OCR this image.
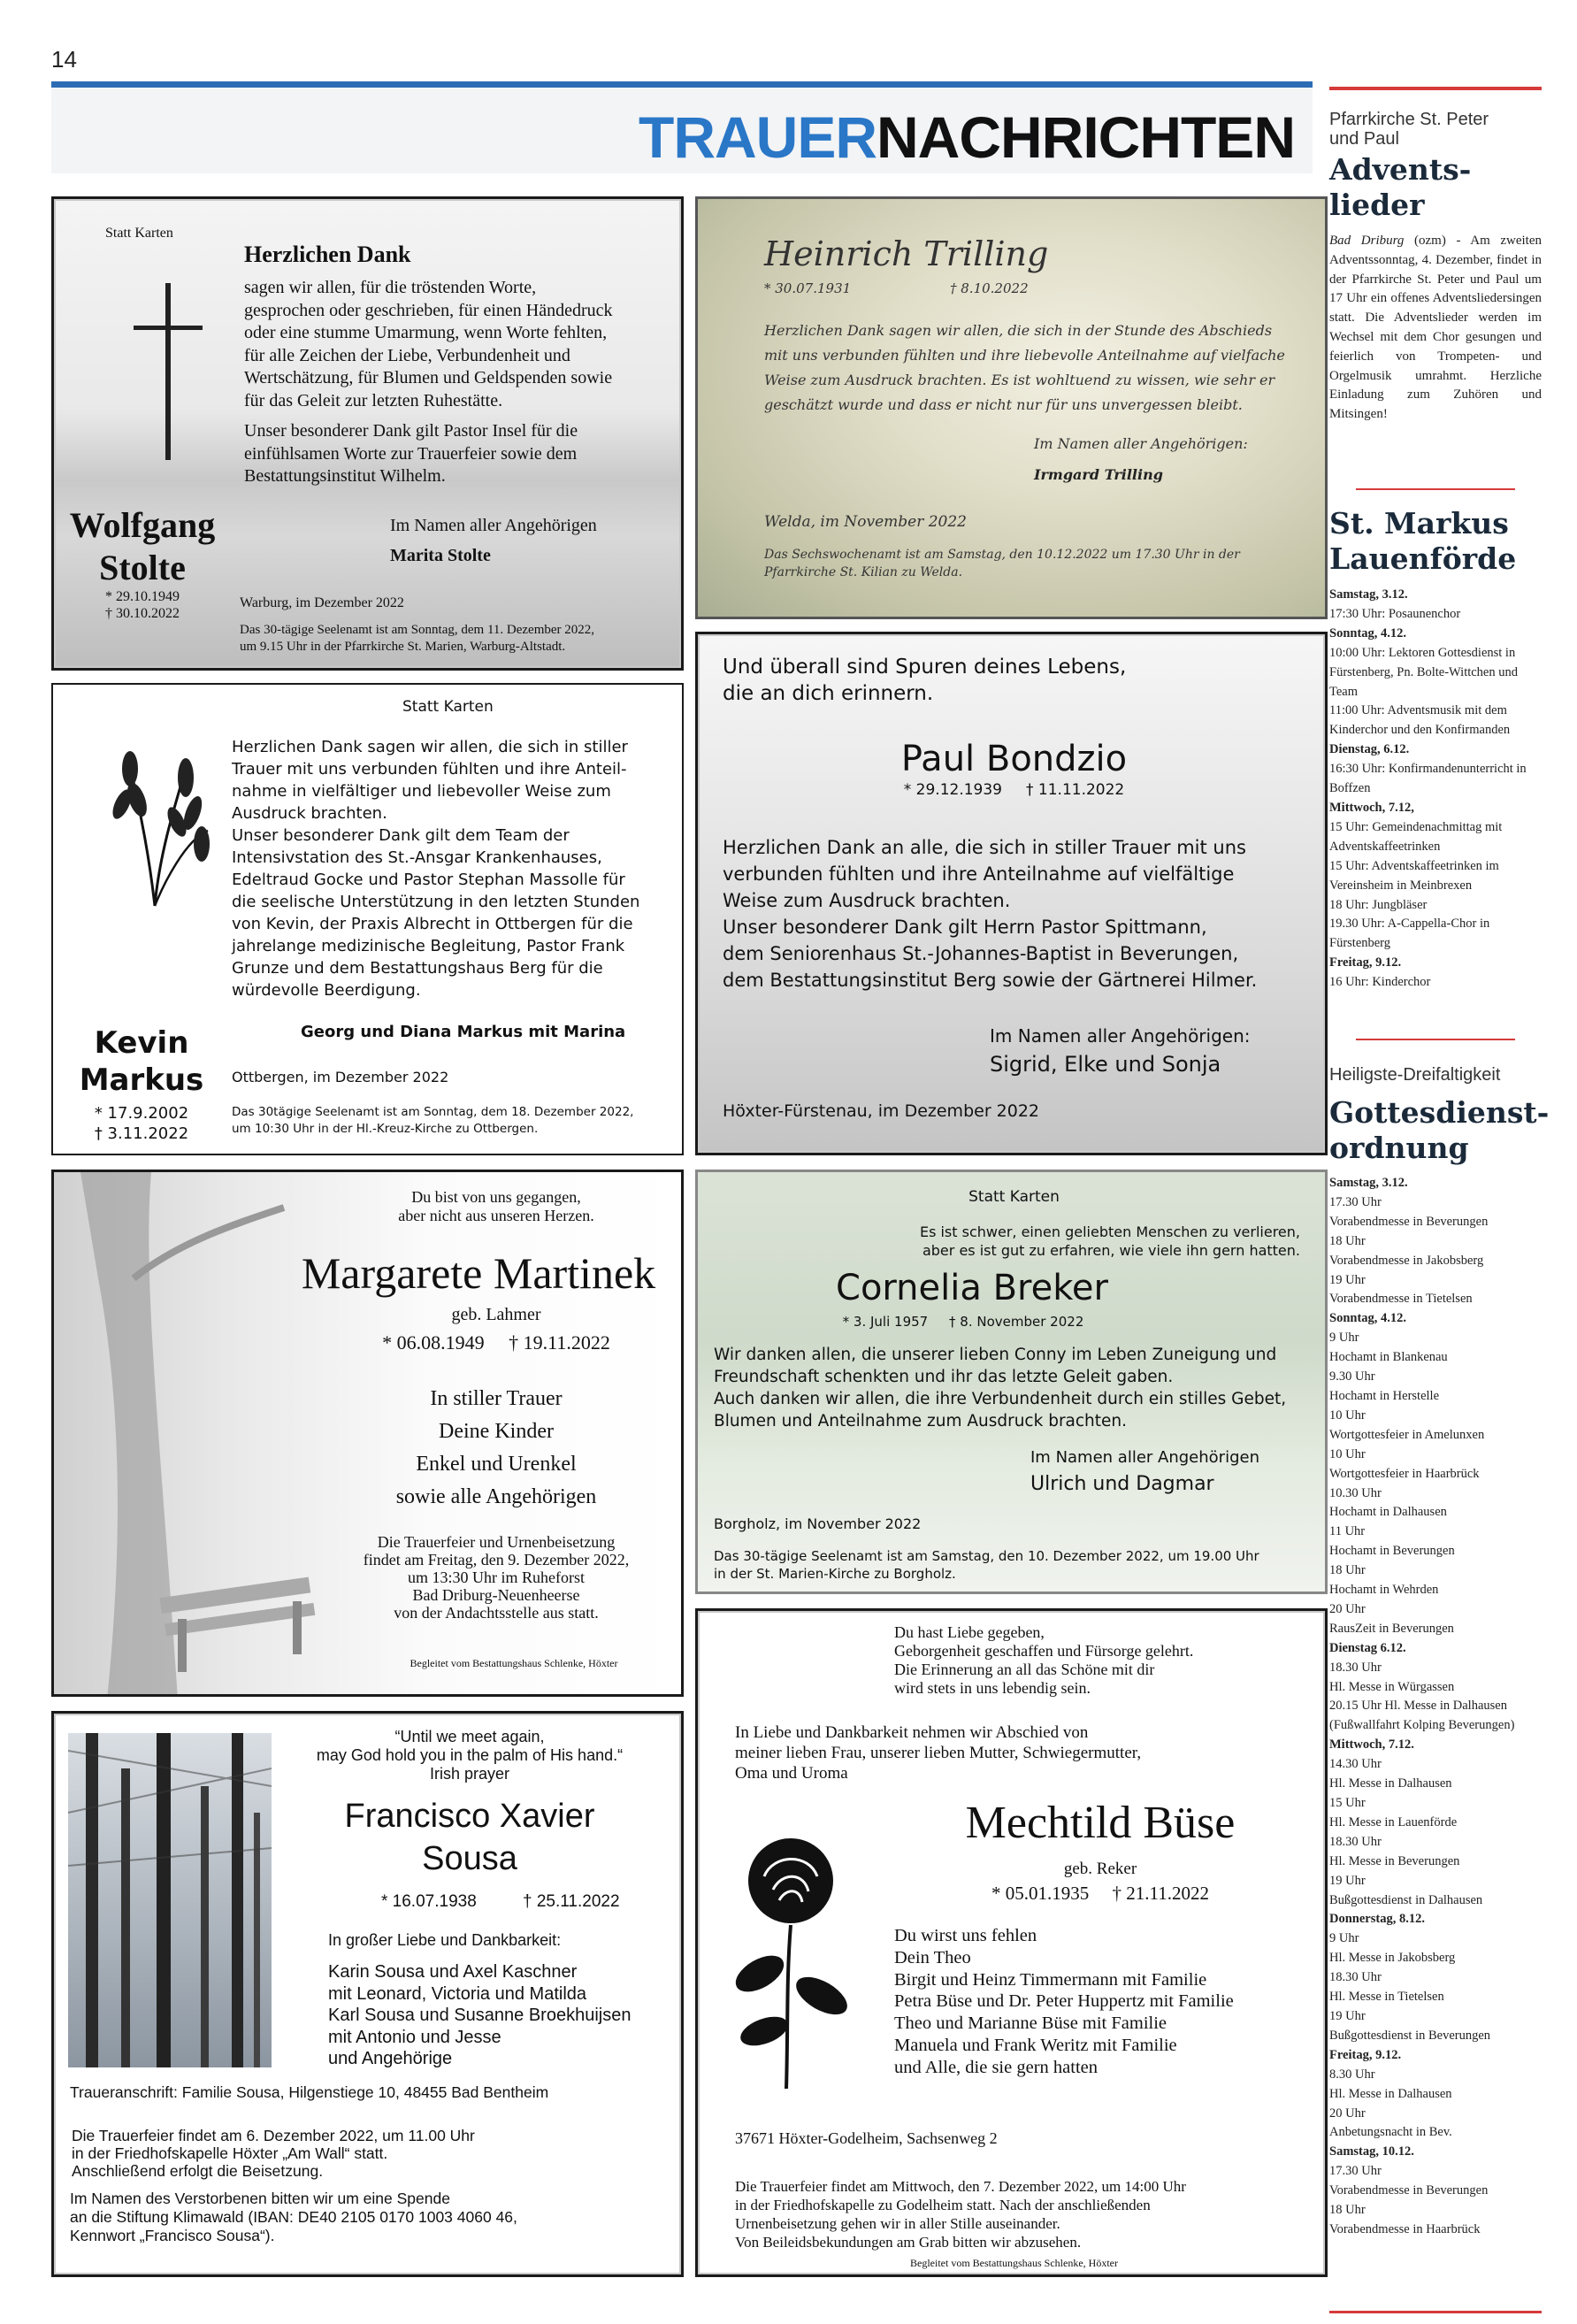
14
TRAUERNACHRICHTEN
Statt Karten
Herzlichen Dank
sagen wir allen, für die tröstenden Worte,
gesprochen oder geschrieben, für einen Händedruck
oder eine stumme Umarmung, wenn Worte fehlten,
für alle Zeichen der Liebe, Verbundenheit und
Wertschätzung, für Blumen und Geldspenden sowie
für das Geleit zur letzten Ruhestätte.
Unser besonderer Dank gilt Pastor Insel für die
einfühlsamen Worte zur Trauerfeier sowie dem
Bestattungsinstitut Wilhelm.
Wolfgang
Stolte
* 29.10.1949
† 30.10.2022
Im Namen aller Angehörigen
Marita Stolte
Warburg, im Dezember 2022
Das 30-tägige Seelenamt ist am Sonntag, dem 11. Dezember 2022,
um 9.15 Uhr in der Pfarrkirche St. Marien, Warburg-Altstadt.
Heinrich Trilling
* 30.07.1931	† 8.10.2022
Herzlichen Dank sagen wir allen, die sich in der Stunde des Abschieds
mit uns verbunden fühlten und ihre liebevolle Anteilnahme auf vielfache
Weise zum Ausdruck brachten. Es ist wohltuend zu wissen, wie sehr er
geschätzt wurde und dass er nicht nur für uns unvergessen bleibt.
Im Namen aller Angehörigen:
Irmgard Trilling
Welda, im November 2022
Das Sechswochenamt ist am Samstag, den 10.12.2022 um 17.30 Uhr in der
Pfarrkirche St. Kilian zu Welda.
Statt Karten
Herzlichen Dank sagen wir allen, die sich in stiller
Trauer mit uns verbunden fühlten und ihre Anteil-
nahme in vielfältiger und liebevoller Weise zum
Ausdruck brachten.
Unser besonderer Dank gilt dem Team der
Intensivstation des St.-Ansgar Krankenhauses,
Edeltraud Gocke und Pastor Stephan Massolle für
die seelische Unterstützung in den letzten Stunden
von Kevin, der Praxis Albrecht in Ottbergen für die
jahrelange medizinische Begleitung, Pastor Frank
Grunze und dem Bestattungshaus Berg für die
würdevolle Beerdigung.
Georg und Diana Markus mit Marina
Kevin
Markus
* 17.9.2002
† 3.11.2022
Ottbergen, im Dezember 2022
Das 30tägige Seelenamt ist am Sonntag, dem 18. Dezember 2022,
um 10:30 Uhr in der Hl.-Kreuz-Kirche zu Ottbergen.
Und überall sind Spuren deines Lebens,
die an dich erinnern.
Paul Bondzio
* 29.12.1939     † 11.11.2022
Herzlichen Dank an alle, die sich in stiller Trauer mit uns
verbunden fühlten und ihre Anteilnahme auf vielfältige
Weise zum Ausdruck brachten.
Unser besonderer Dank gilt Herrn Pastor Spittmann,
dem Seniorenhaus St.-Johannes-Baptist in Beverungen,
dem Bestattungsinstitut Berg sowie der Gärtnerei Hilmer.
Im Namen aller Angehörigen:
Sigrid, Elke und Sonja
Höxter-Fürstenau, im Dezember 2022
Du bist von uns gegangen,
aber nicht aus unseren Herzen.
Margarete Martinek
geb. Lahmer
* 06.08.1949     † 19.11.2022
In stiller Trauer
Deine Kinder
Enkel und Urenkel
sowie alle Angehörigen
Die Trauerfeier und Urnenbeisetzung
findet am Freitag, den 9. Dezember 2022,
um 13:30 Uhr im Ruheforst
Bad Driburg-Neuenheerse
von der Andachtsstelle aus statt.
Begleitet vom Bestattungshaus Schlenke, Höxter
Statt Karten
Es ist schwer, einen geliebten Menschen zu verlieren,
aber es ist gut zu erfahren, wie viele ihn gern hatten.
Cornelia Breker
* 3. Juli 1957     † 8. November 2022
Wir danken allen, die unserer lieben Conny im Leben Zuneigung und
Freundschaft schenkten und ihr das letzte Geleit gaben.
Auch danken wir allen, die ihre Verbundenheit durch ein stilles Gebet,
Blumen und Anteilnahme zum Ausdruck brachten.
Im Namen aller Angehörigen
Ulrich und Dagmar
Borgholz, im November 2022
Das 30-tägige Seelenamt ist am Samstag, den 10. Dezember 2022, um 19.00 Uhr
in der St. Marien-Kirche zu Borgholz.
“Until we meet again,
may God hold you in the palm of His hand.“
Irish prayer
Francisco Xavier
Sousa
* 16.07.1938	† 25.11.2022
In großer Liebe und Dankbarkeit:
Karin Sousa und Axel Kaschner
mit Leonard, Victoria und Matilda
Karl Sousa und Susanne Broekhuijsen
mit Antonio und Jesse
und Angehörige
Traueranschrift: Familie Sousa, Hilgenstiege 10, 48455 Bad Bentheim
Die Trauerfeier findet am 6. Dezember 2022, um 11.00 Uhr
in der Friedhofskapelle Höxter „Am Wall“ statt.
Anschließend erfolgt die Beisetzung.
Im Namen des Verstorbenen bitten wir um eine Spende
an die Stiftung Klimawald (IBAN: DE40 2105 0170 1003 4060 46,
Kennwort „Francisco Sousa“).
Du hast Liebe gegeben,
Geborgenheit geschaffen und Fürsorge gelehrt.
Die Erinnerung an all das Schöne mit dir
wird stets in uns lebendig sein.
In Liebe und Dankbarkeit nehmen wir Abschied von
meiner lieben Frau, unserer lieben Mutter, Schwiegermutter,
Oma und Uroma
Mechtild Büse
geb. Reker
* 05.01.1935     † 21.11.2022
Du wirst uns fehlen
Dein Theo
Birgit und Heinz Timmermann mit Familie
Petra Büse und Dr. Peter Huppertz mit Familie
Theo und Marianne Büse mit Familie
Manuela und Frank Weritz mit Familie
und Alle, die sie gern hatten
37671 Höxter-Godelheim, Sachsenweg 2
Die Trauerfeier findet am Mittwoch, den 7. Dezember 2022, um 14:00 Uhr
in der Friedhofskapelle zu Godelheim statt. Nach der anschließenden
Urnenbeisetzung gehen wir in aller Stille auseinander.
Von Beileidsbekundungen am Grab bitten wir abzusehen.
Begleitet vom Bestattungshaus Schlenke, Höxter
Pfarrkirche St. Peter
und Paul
Advents-
lieder
Bad Driburg (ozm) - Am zweiten Adventssonntag, 4. Dezember, findet in der Pfarrkirche St. Peter und Paul um 17 Uhr ein offenes Adventsliedersingen statt. Die Adventslieder werden im Wechsel mit dem Chor gesungen und feierlich von Trompeten- und Orgelmusik umrahmt. Herzliche Einladung zum Zuhören und Mitsingen!
St. Markus
Lauenförde
Samstag, 3.12.
17:30 Uhr: Posaunenchor
Sonntag, 4.12.
10:00 Uhr: Lektoren Gottesdienst in Fürstenberg, Pn. Bolte-Wittchen und Team
11:00 Uhr: Adventsmusik mit dem Kinderchor und den Konfirmanden
Dienstag, 6.12.
16:30 Uhr: Konfirmandenunterricht in Boffzen
Mittwoch, 7.12,
15 Uhr: Gemeindenachmittag mit Adventskaffeetrinken
15 Uhr: Adventskaffeetrinken im Vereinsheim in Meinbrexen
18 Uhr: Jungbläser
19.30 Uhr: A-Cappella-Chor in Fürstenberg
Freitag, 9.12.
16 Uhr: Kinderchor
Heiligste-Dreifaltigkeit
Gottesdienst-
ordnung
Samstag, 3.12.
17.30 Uhr
Vorabendmesse in Beverungen
18 Uhr
Vorabendmesse in Jakobsberg
19 Uhr
Vorabendmesse in Tietelsen
Sonntag, 4.12.
9 Uhr
Hochamt in Blankenau
9.30 Uhr
Hochamt in Herstelle
10 Uhr
Wortgottesfeier in Amelunxen
10 Uhr
Wortgottesfeier in Haarbrück
10.30 Uhr
Hochamt in Dalhausen
11 Uhr
Hochamt in Beverungen
18 Uhr
Hochamt in Wehrden
20 Uhr
RausZeit in Beverungen
Dienstag 6.12.
18.30 Uhr
Hl. Messe in Würgassen
20.15 Uhr Hl. Messe in Dalhausen (Fußwallfahrt Kolping Beverungen)
Mittwoch, 7.12.
14.30 Uhr
Hl. Messe in Dalhausen
15 Uhr
Hl. Messe in Lauenförde
18.30 Uhr
Hl. Messe in Beverungen
19 Uhr
Bußgottesdienst in Dalhausen
Donnerstag, 8.12.
9 Uhr
Hl. Messe in Jakobsberg
18.30 Uhr
Hl. Messe in Tietelsen
19 Uhr
Bußgottesdienst in Beverungen
Freitag, 9.12.
8.30 Uhr
Hl. Messe in Dalhausen
20 Uhr
Anbetungsnacht in Bev.
Samstag, 10.12.
17.30 Uhr
Vorabendmesse in Beverungen
18 Uhr
Vorabendmesse in Haarbrück
